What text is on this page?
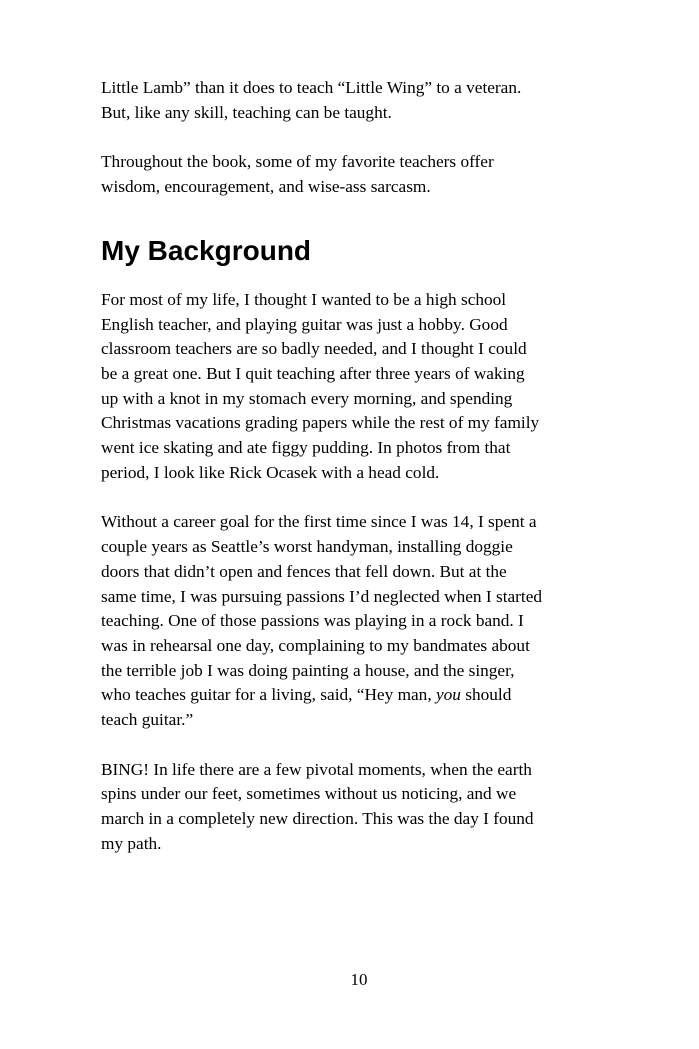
Little Lamb” than it does to teach “Little Wing” to a veteran.
But, like any skill, teaching can be taught.

Throughout the book, some of my favorite teachers offer
wisdom, encouragement, and wise-ass sarcasm.

My Background

For most of my life, I thought I wanted to be a high school
English teacher, and playing guitar was just a hobby. Good
classroom teachers are so badly needed, and I thought I could
be a great one. But I quit teaching after three years of waking
up with a knot in my stomach every morning, and spending
Christmas vacations grading papers while the rest of my family
went ice skating and ate figgy pudding. In photos from that
period, I look like Rick Ocasek with a head cold.

Without a career goal for the first time since I was 14, I spent a
couple years as Seattle’s worst handyman, installing doggie
doors that didn’t open and fences that fell down. But at the
same time, I was pursuing passions I’d neglected when I started
teaching. One of those passions was playing in a rock band. I
was in rehearsal one day, complaining to my bandmates about
the terrible job I was doing painting a house, and the singer,
who teaches guitar for a living, said, “Hey man, you should
teach guitar.”

BING! In life there are a few pivotal moments, when the earth
spins under our feet, sometimes without us noticing, and we
march in a completely new direction. This was the day I found
my path.

10
